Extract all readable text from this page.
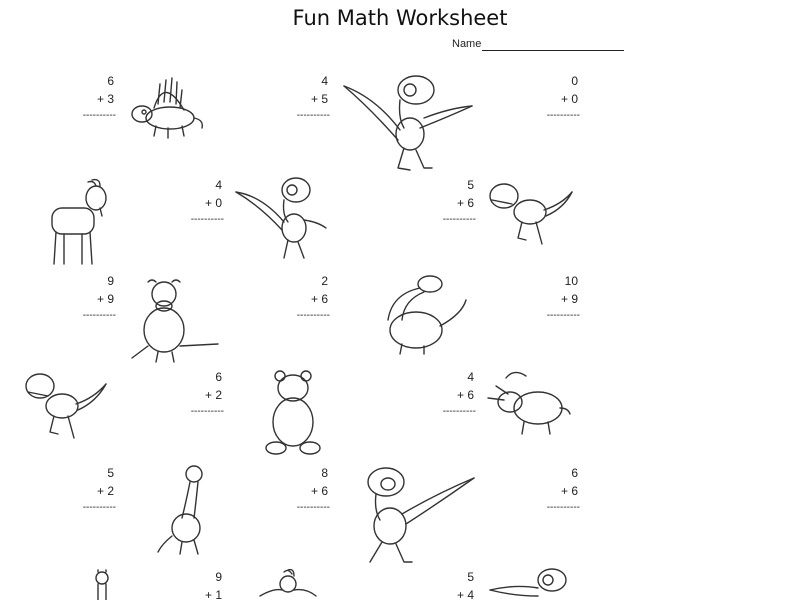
Fun Math Worksheet
Name
6
+ 3
----------
4
+ 5
----------
0
+ 0
----------
4
+ 0
----------
5
+ 6
----------
9
+ 9
----------
2
+ 6
----------
10
+ 9
----------
6
+ 2
----------
4
+ 6
----------
5
+ 2
----------
8
+ 6
----------
6
+ 6
----------
9
+ 1
5
+ 4
